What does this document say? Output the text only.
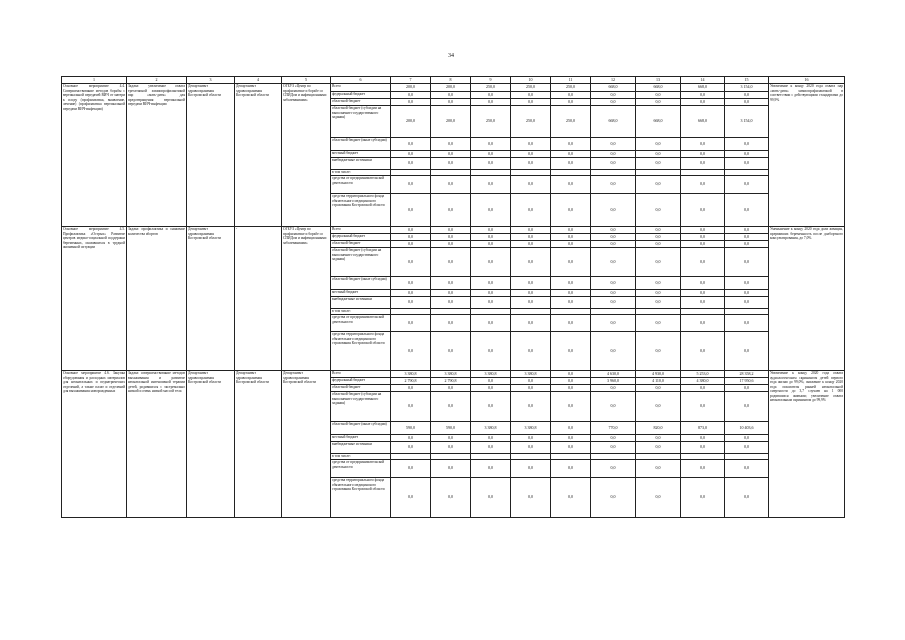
34
1	2	3	4	5	6	7	8	9	10	11	12	13	14	15	16
Основное мероприятие 4.4. Совершенствование методов борьбы с вертикальной передачей ВИЧ от матери к плоду (профилактика, выявление, лечение) (профилактика вертикальной передачи ВИЧ-инфекции)	Задача: увеличение охвата трехэтапной химиопрофилактикой пар «мать-дитя» для предотвращения вертикальной передачи ВИЧ-инфекции	Департамент здравоохранения Костромской области	Департамент здравоохранения Костромской области	ОГБУЗ «Центр по профилактике и борьбе со СПИДом и инфекционными заболеваниями»	Всего	200,0	200,0	250,0	250,0	250,0	668,0	668,0	668,0	3 154,0	Увеличение к концу 2020 года охвата пар «мать-дитя» химиопрофилактикой в соответствии с действующими стандартами до 99,9%
					федеральный бюджет	0,0	0,0	0,0	0,0	0,0	0,0	0,0	0,0	0,0	
					областной бюджет	0,0	0,0	0,0	0,0	0,0	0,0	0,0	0,0	0,0	
					областной бюджет (субсидии на выполнение государственного задания)	200,0	200,0	250,0	250,0	250,0	668,0	668,0	668,0	3 154,0	
					областной бюджет (иные субсидии)	0,0	0,0	0,0	0,0	0,0	0,0	0,0	0,0	0,0	
					местный бюджет	0,0	0,0	0,0	0,0	0,0	0,0	0,0	0,0	0,0	
					внебюджетные источники	0,0	0,0	0,0	0,0	0,0	0,0	0,0	0,0	0,0	
					в том числе:										
					средства от предпринимательской деятельности	0,0	0,0	0,0	0,0	0,0	0,0	0,0	0,0	0,0	
					средства территориального фонда обязательного медицинского страхования Костромской области	0,0	0,0	0,0	0,0	0,0	0,0	0,0	0,0	0,0	
Основное мероприятие 4.5. Профилактика «Острых» Развитие центров медико-социальной поддержки беременных, оказавшихся в трудной жизненной ситуации	Задача: профилактика и снижение количества абортов	Департамент здравоохранения Костромской области	-	ОГБУЗ «Центр по профилактике и борьбе со СПИДом и инфекционными заболеваниями»	Всего	0,0	0,0	0,0	0,0	0,0	0,0	0,0	0,0	0,0	Уменьшение к концу 2020 года доли женщин, прервавших беременность после доабортного консультирования, до 7,0%
					федеральный бюджет	0,0	0,0	0,0	0,0	0,0	0,0	0,0	0,0	0,0	
					областной бюджет	0,0	0,0	0,0	0,0	0,0	0,0	0,0	0,0	0,0	
					областной бюджет (субсидии на выполнение государственного задания)	0,0	0,0	0,0	0,0	0,0	0,0	0,0	0,0	0,0	
					областной бюджет (иные субсидии)	0,0	0,0	0,0	0,0	0,0	0,0	0,0	0,0	0,0	
					местный бюджет	0,0	0,0	0,0	0,0	0,0	0,0	0,0	0,0	0,0	
					внебюджетные источники	0,0	0,0	0,0	0,0	0,0	0,0	0,0	0,0	0,0	
					в том числе:										
					средства от предпринимательской деятельности	0,0	0,0	0,0	0,0	0,0	0,0	0,0	0,0	0,0	
					средства территориального фонда обязательного медицинского страхования Костромской области	0,0	0,0	0,0	0,0	0,0	0,0	0,0	0,0	0,0	
Основное мероприятие 4.6. Закупка оборудования и расходных материалов для неонатальных и педиатрических отделений, а также палат и отделений для выхаживания новорожденных	Задача: совершенствование методов выхаживания и развитие неонатальной интенсивной терапии детей, родившихся с экстремально низкой и очень низкой массой тела	Департамент здравоохранения Костромской области	Департамент здравоохранения Костромской области	Департамент здравоохранения Костромской области	Всего	3 380,8	3 380,8	3 380,8	3 380,8	0,0	4 630,0	4 930,0	5 253,0	28 358,2	Увеличение к концу 2020 года охвата аудиологическим скринингом детей первого года жизни до 99,0%; снижение к концу 2020 года показателя ранней неонатальной смертности до 3,7 случаев на 1 000 родившихся живыми; увеличение охвата неонатальным скринингом до 99,9%
					федеральный бюджет	2 790,8	2 790,8	0,0	0,0	0,0	3 960,0	4 110,0	4 380,0	17 950,6	
					областной бюджет	0,0	0,0	0,0	0,0	0,0	0,0	0,0	0,0	0,0	
					областной бюджет (субсидии на выполнение государственного задания)	0,0	0,0	0,0	0,0	0,0	0,0	0,0	0,0	0,0	
					областной бюджет (иные субсидии)	590,0	590,0	3 380,8	3 380,8	0,0	770,0	820,0	873,0	10 403,6	
					местный бюджет	0,0	0,0	0,0	0,0	0,0	0,0	0,0	0,0	0,0	
					внебюджетные источники	0,0	0,0	0,0	0,0	0,0	0,0	0,0	0,0	0,0	
					в том числе:										
					средства от предпринимательской деятельности	0,0	0,0	0,0	0,0	0,0	0,0	0,0	0,0	0,0	
					средства территориального фонда обязательного медицинского страхования Костромской области	0,0	0,0	0,0	0,0	0,0	0,0	0,0	0,0	0,0	
